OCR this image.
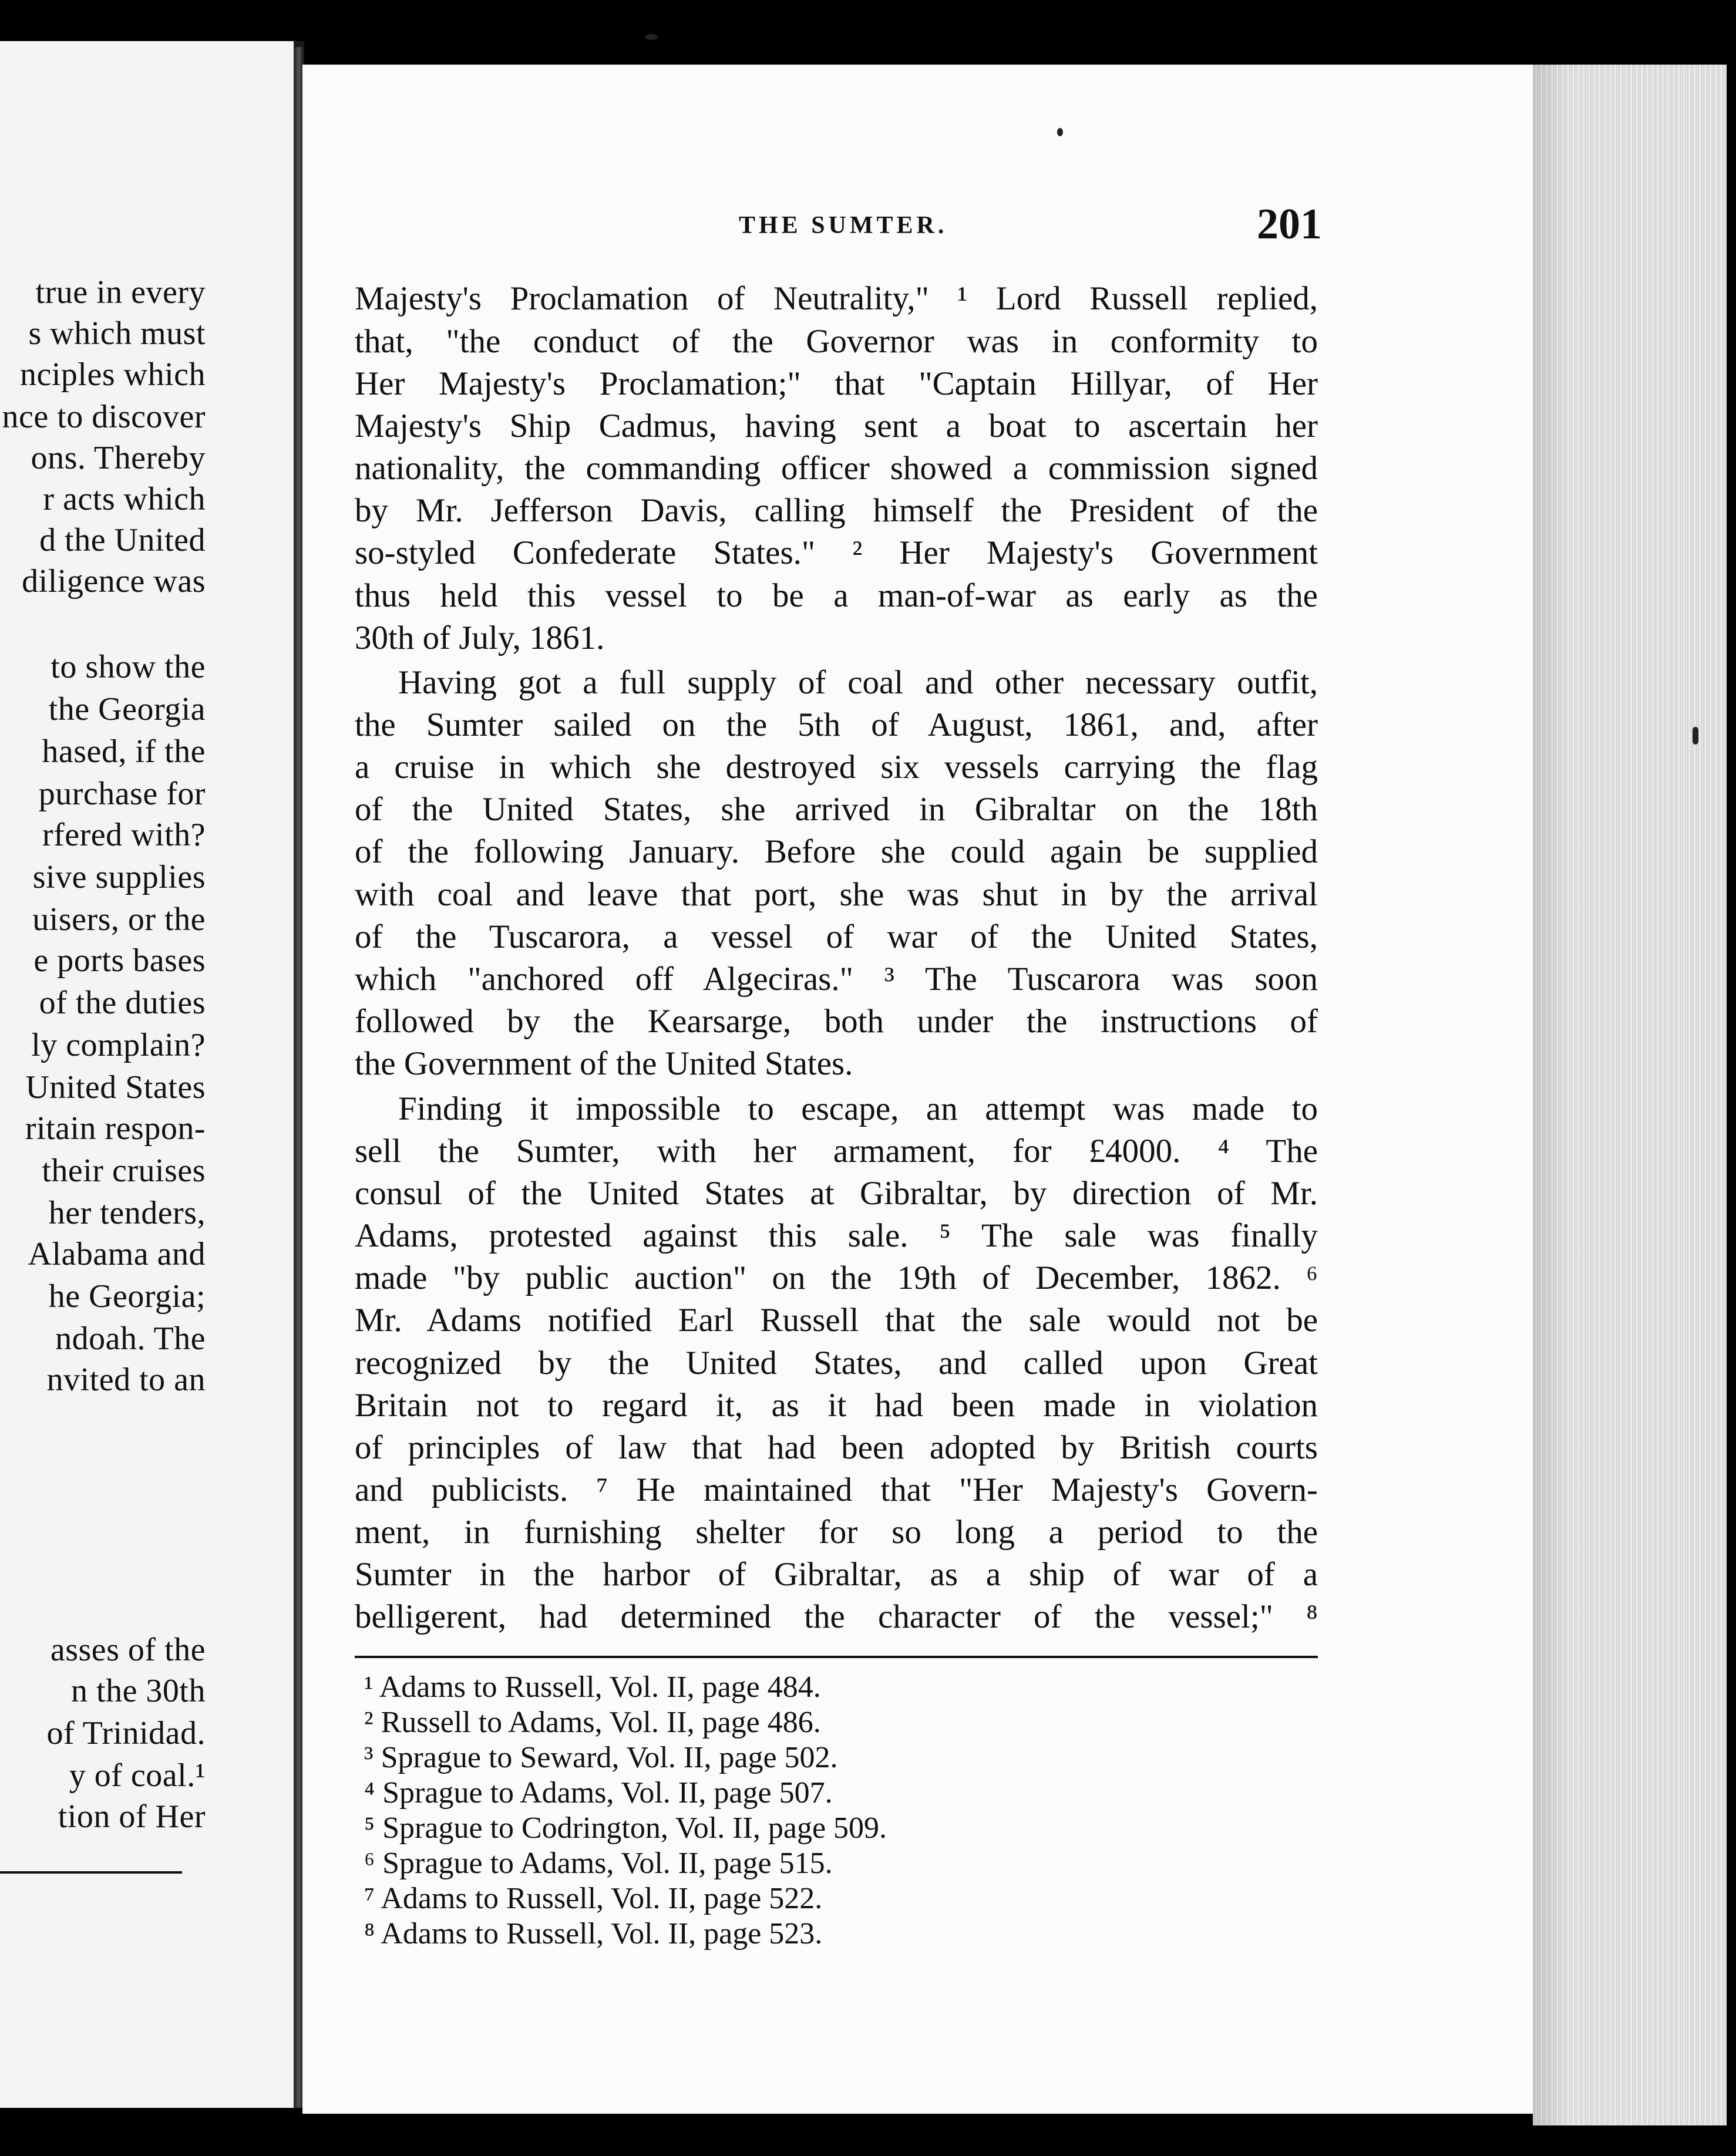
true in every
s which must
nciples which
nce to discover
ons. Thereby
r acts which
d the United
diligence was
to show the
the Georgia
hased, if the
purchase for
rfered with?
sive supplies
uisers, or the
e ports bases
of the duties
ly complain?
United States
ritain respon-
their cruises
her tenders,
Alabama and
he Georgia;
ndoah. The
nvited to an
asses of the
n the 30th
of Trinidad.
y of coal.¹
tion of Her
THE SUMTER.	201
Majesty's Proclamation of Neutrality," ¹ Lord Russell replied,
that, "the conduct of the Governor was in conformity to
Her Majesty's Proclamation;" that "Captain Hillyar, of Her
Majesty's Ship Cadmus, having sent a boat to ascertain her
nationality, the commanding officer showed a commission signed
by Mr. Jefferson Davis, calling himself the President of the
so-styled Confederate States." ² Her Majesty's Government
thus held this vessel to be a man-of-war as early as the
30th of July, 1861.
Having got a full supply of coal and other necessary outfit,
the Sumter sailed on the 5th of August, 1861, and, after
a cruise in which she destroyed six vessels carrying the flag
of the United States, she arrived in Gibraltar on the 18th
of the following January. Before she could again be supplied
with coal and leave that port, she was shut in by the arrival
of the Tuscarora, a vessel of war of the United States,
which "anchored off Algeciras." ³ The Tuscarora was soon
followed by the Kearsarge, both under the instructions of
the Government of the United States.
Finding it impossible to escape, an attempt was made to
sell the Sumter, with her armament, for £4000. ⁴ The
consul of the United States at Gibraltar, by direction of Mr.
Adams, protested against this sale. ⁵ The sale was finally
made "by public auction" on the 19th of December, 1862. ⁶
Mr. Adams notified Earl Russell that the sale would not be
recognized by the United States, and called upon Great
Britain not to regard it, as it had been made in violation
of principles of law that had been adopted by British courts
and publicists. ⁷ He maintained that "Her Majesty's Govern-
ment, in furnishing shelter for so long a period to the
Sumter in the harbor of Gibraltar, as a ship of war of a
belligerent, had determined the character of the vessel;" ⁸
¹ Adams to Russell, Vol. II, page 484.
² Russell to Adams, Vol. II, page 486.
³ Sprague to Seward, Vol. II, page 502.
⁴ Sprague to Adams, Vol. II, page 507.
⁵ Sprague to Codrington, Vol. II, page 509.
⁶ Sprague to Adams, Vol. II, page 515.
⁷ Adams to Russell, Vol. II, page 522.
⁸ Adams to Russell, Vol. II, page 523.
